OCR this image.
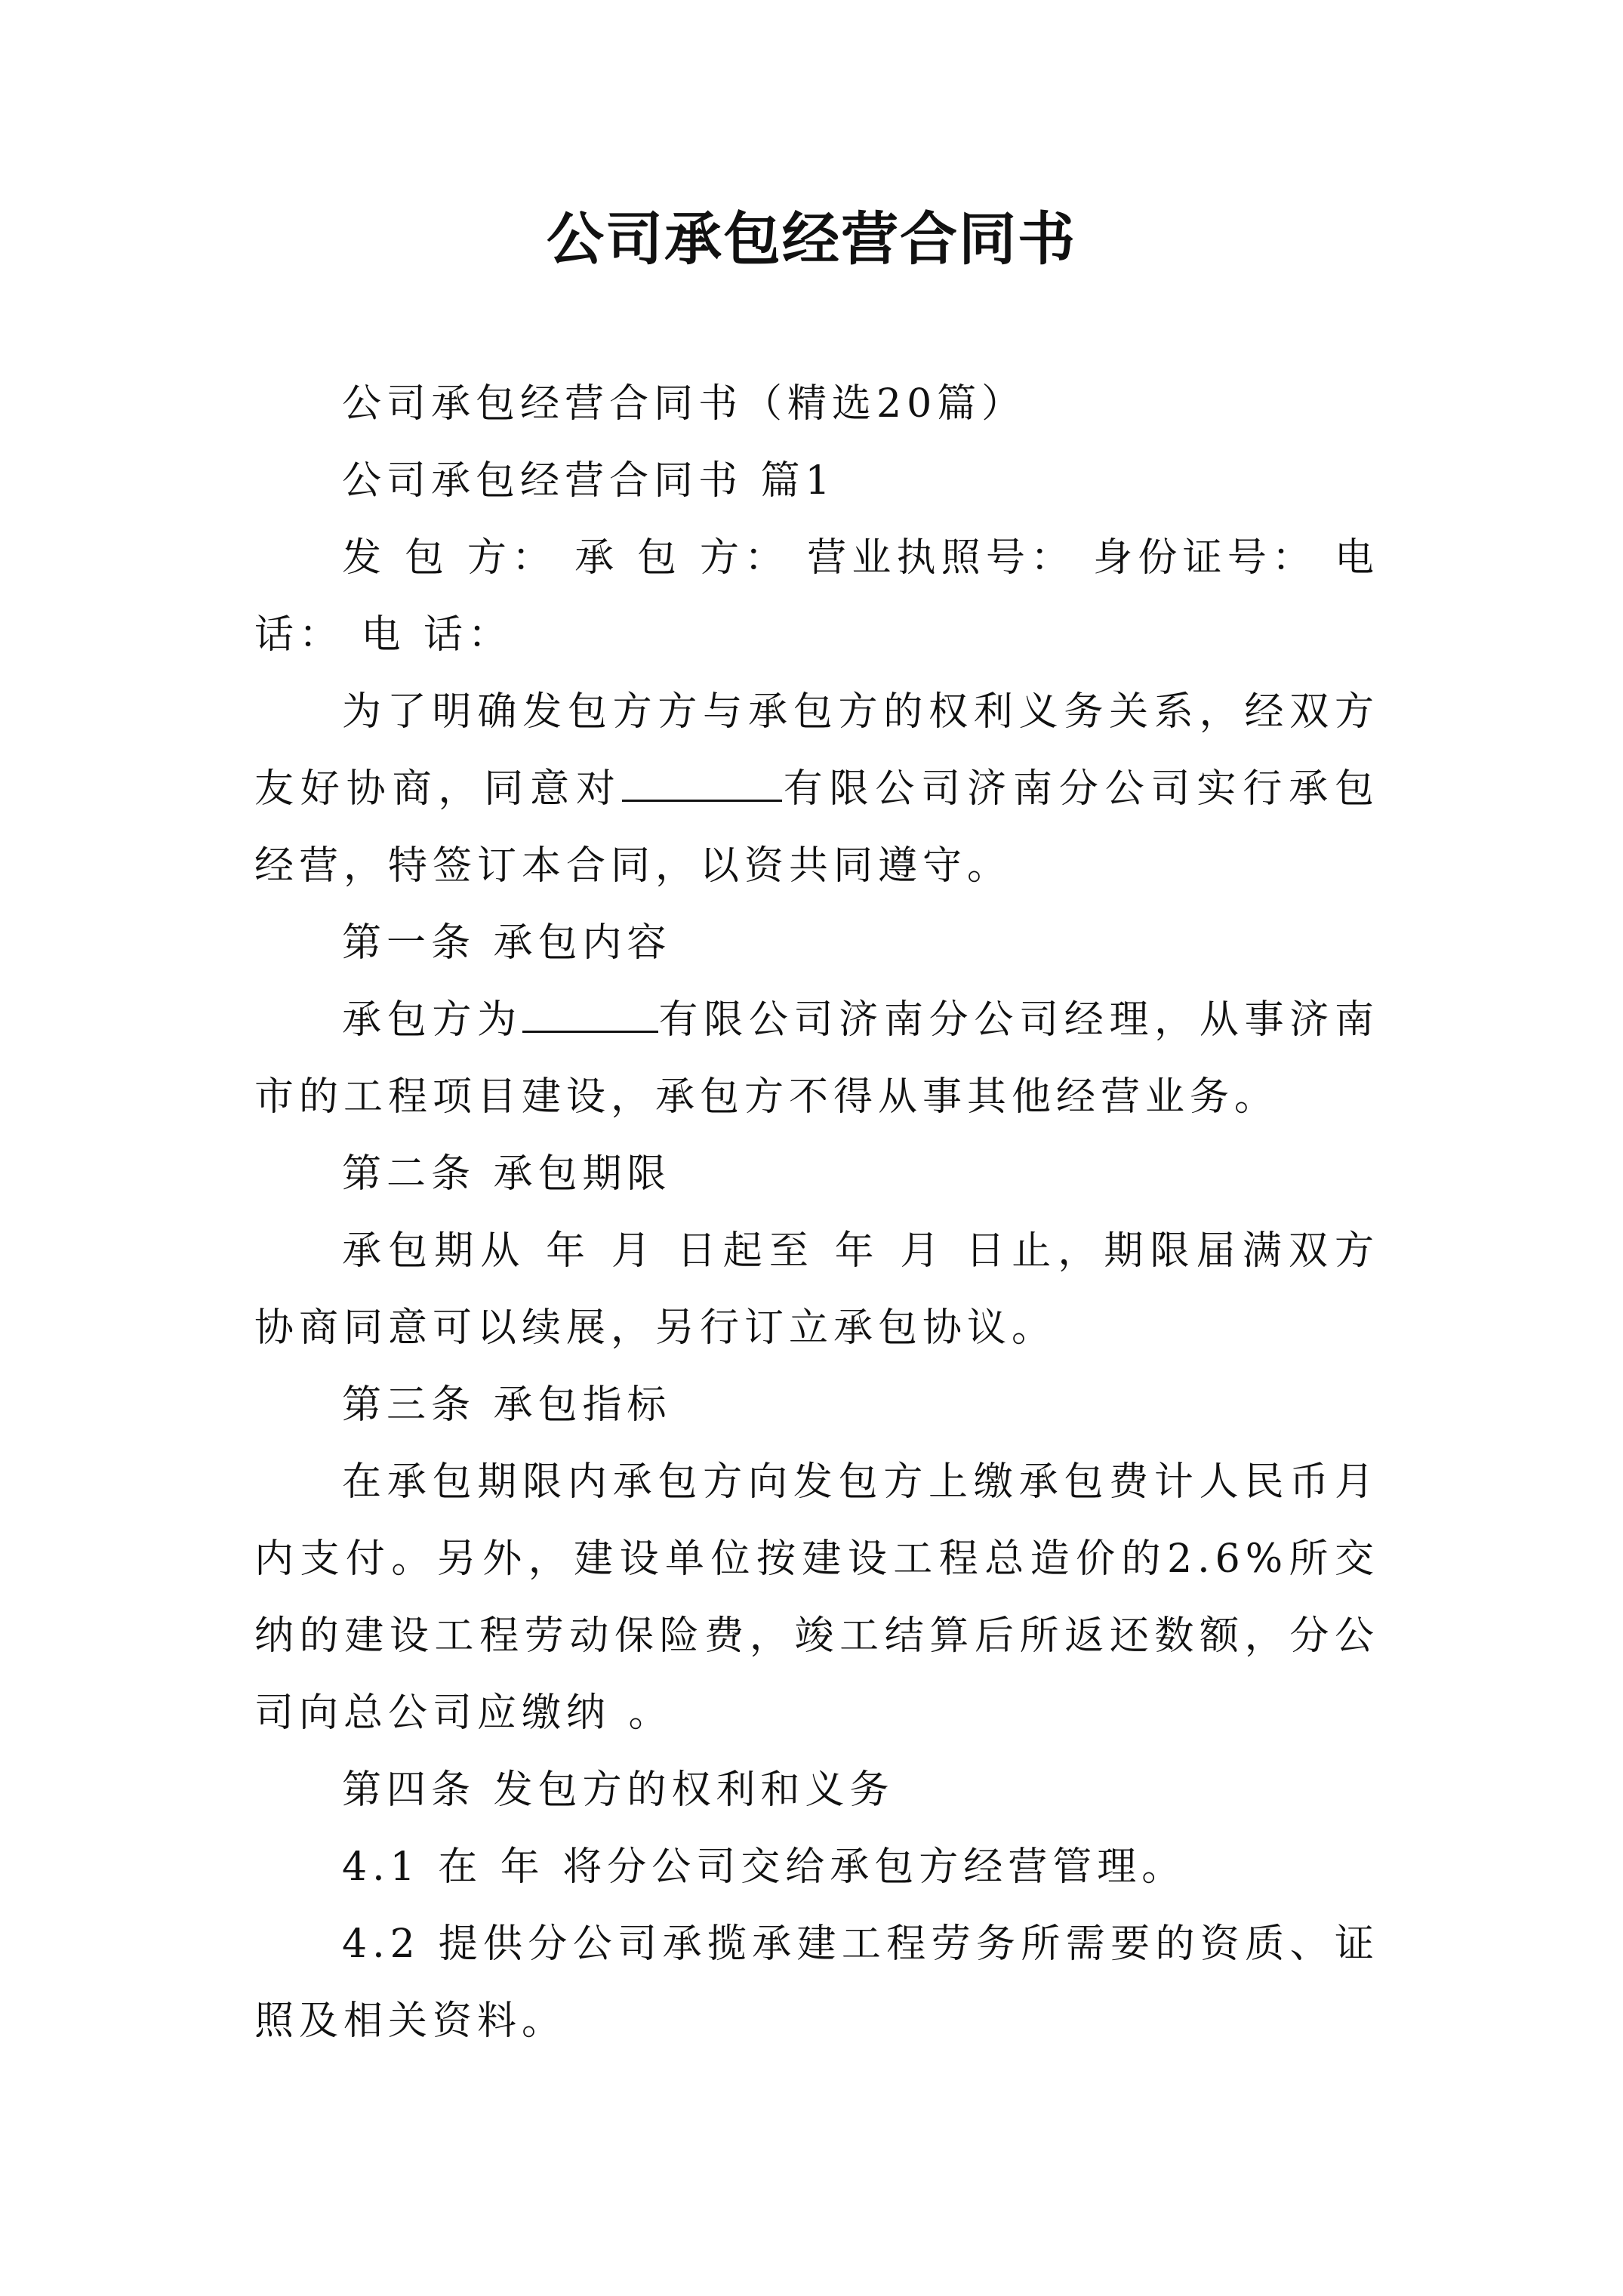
公司承包经营合同书

公司承包经营合同书（精选20篇）

公司承包经营合同书 篇1

发 包 方： 承 包 方： 营业执照号： 身份证号： 电话： 电 话：

为了明确发包方方与承包方的权利义务关系，经双方友好协商，同意对	有限公司济南分公司实行承包经营，特签订本合同，以资共同遵守。

第一条 承包内容

承包方为	有限公司济南分公司经理，从事济南市的工程项目建设，承包方不得从事其他经营业务。

第二条 承包期限

承包期从 年 月 日起至 年 月 日止，期限届满双方协商同意可以续展，另行订立承包协议。

第三条 承包指标

在承包期限内承包方向发包方上缴承包费计人民币月内支付。另外，建设单位按建设工程总造价的2.6%所交纳的建设工程劳动保险费，竣工结算后所返还数额，分公司向总公司应缴纳 。

第四条 发包方的权利和义务

4.1 在 年 将分公司交给承包方经营管理。

4.2 提供分公司承揽承建工程劳务所需要的资质、证照及相关资料。
